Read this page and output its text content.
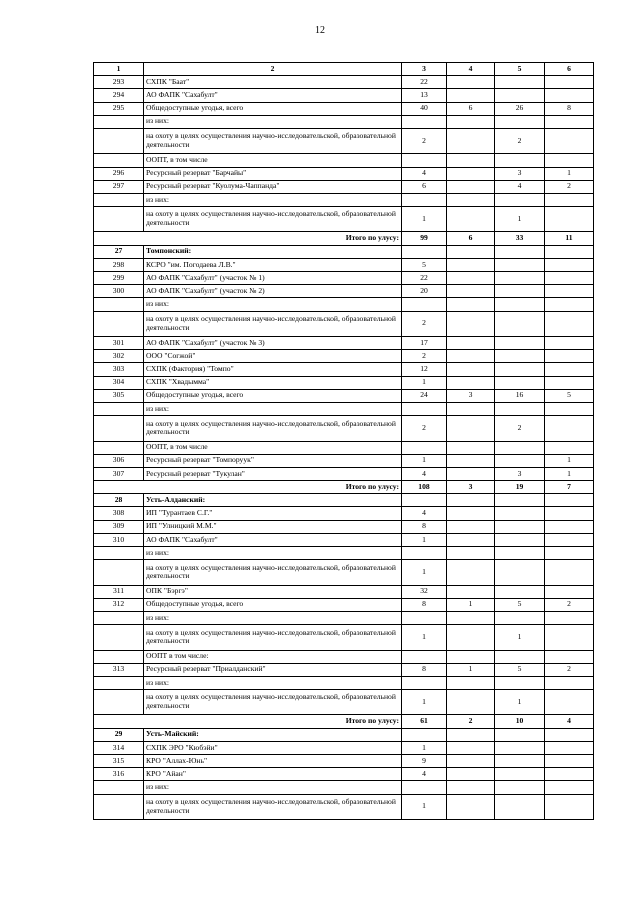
12
1	2	3	4	5	6
293	СХПК "Баат"	22			
294	АО ФАПК "Сахабулт"	13			
295	Общедоступные угодья, всего	40	6	26	8
	из них:				
	на охоту в целях осуществления научно-исследовательской, образовательной деятельности	2		2	
	ООПТ, в том числе				
296	Ресурсный резерват "Барчайы"	4		3	1
297	Ресурсный резерват "Куолума-Чаппанда"	6		4	2
	из них:				
	на охоту в целях осуществления научно-исследовательской, образовательной деятельности	1		1	
Итого по улусу:		99	6	33	11
27	Томпонский:				
298	КСРО "им. Погодаева Л.В."	5			
299	АО ФАПК "Сахабулт" (участок № 1)	22			
300	АО ФАПК "Сахабулт" (участок № 2)	20			
	из них:				
	на охоту в целях осуществления научно-исследовательской, образовательной деятельности	2			
301	АО ФАПК "Сахабулт" (участок № 3)	17			
302	ООО "Согжой"	2			
303	СХПК (Фактория) "Томпо"	12			
304	СХПК "Хвадымма"	1			
305	Общедоступные угодья, всего	24	3	16	5
	из них:				
	на охоту в целях осуществления научно-исследовательской, образовательной деятельности	2		2	
	ООПТ, в том числе				
306	Ресурсный резерват "Томпоруук"	1			1
307	Ресурсный резерват "Тукулан"	4		3	1
Итого по улусу:		108	3	19	7
28	Усть-Алданский:				
308	ИП "Турантаев С.Г."	4			
309	ИП "Улницкий М.М."	8			
310	АО ФАПК "Сахабулт"	1			
	из них:				
	на охоту в целях осуществления научно-исследовательской, образовательной деятельности	1			
311	ОПК "Бэргэ"	32			
312	Общедоступные угодья, всего	8	1	5	2
	из них:				
	на охоту в целях осуществления научно-исследовательской, образовательной деятельности	1		1	
	ООПТ в том числе:				
313	Ресурсный резерват "Приалданский"	8	1	5	2
	из них:				
	на охоту в целях осуществления научно-исследовательской, образовательной деятельности	1		1	
Итого по улусу:		61	2	10	4
29	Усть-Майский:				
314	СХПК ЭРО "Кюбэйи"	1			
315	КРО "Аллах-Юнь"	9			
316	КРО "Айан"	4			
	из них:				
	на охоту в целях осуществления научно-исследовательской, образовательной деятельности	1			
